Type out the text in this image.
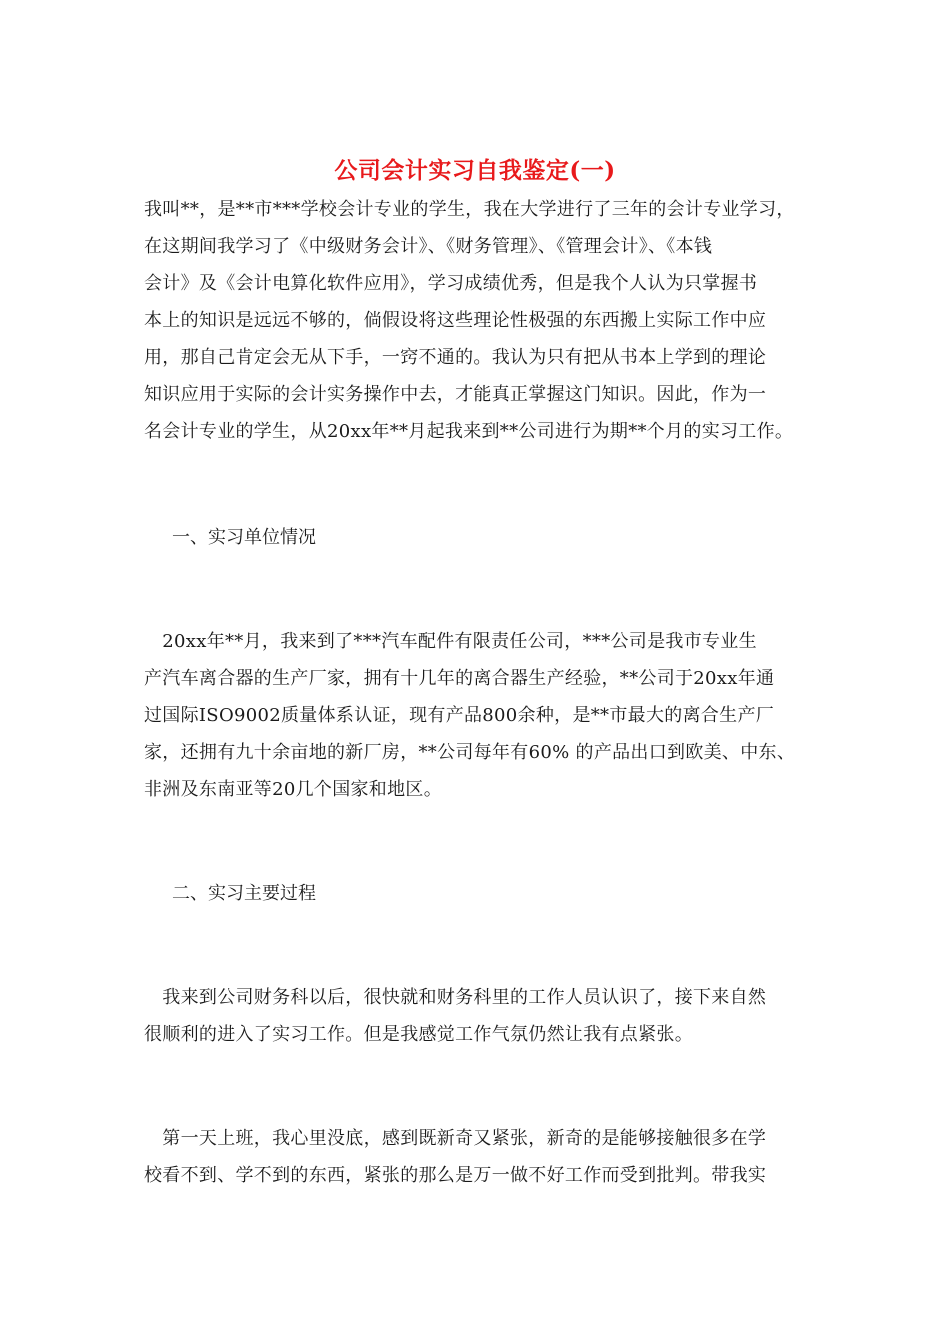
公司会计实习自我鉴定(一)
我叫**，是**市***学校会计专业的学生，我在大学进行了三年的会计专业学习，
在这期间我学习了《中级财务会计》、《财务管理》、《管理会计》、《本钱
会计》及《会计电算化软件应用》，学习成绩优秀，但是我个人认为只掌握书
本上的知识是远远不够的，倘假设将这些理论性极强的东西搬上实际工作中应
用，那自己肯定会无从下手，一窍不通的。我认为只有把从书本上学到的理论
知识应用于实际的会计实务操作中去，才能真正掌握这门知识。因此，作为一
名会计专业的学生，从20xx年**月起我来到**公司进行为期**个月的实习工作。
一、实习单位情况
　20xx年**月，我来到了***汽车配件有限责任公司，***公司是我市专业生
产汽车离合器的生产厂家，拥有十几年的离合器生产经验，**公司于20xx年通
过国际ISO9002质量体系认证，现有产品800余种，是**市最大的离合生产厂
家，还拥有九十余亩地的新厂房，**公司每年有60% 的产品出口到欧美、中东、
非洲及东南亚等20几个国家和地区。
二、实习主要过程
　我来到公司财务科以后，很快就和财务科里的工作人员认识了，接下来自然
很顺利的进入了实习工作。但是我感觉工作气氛仍然让我有点紧张。
　第一天上班，我心里没底，感到既新奇又紧张，新奇的是能够接触很多在学
校看不到、学不到的东西，紧张的那么是万一做不好工作而受到批判。带我实
